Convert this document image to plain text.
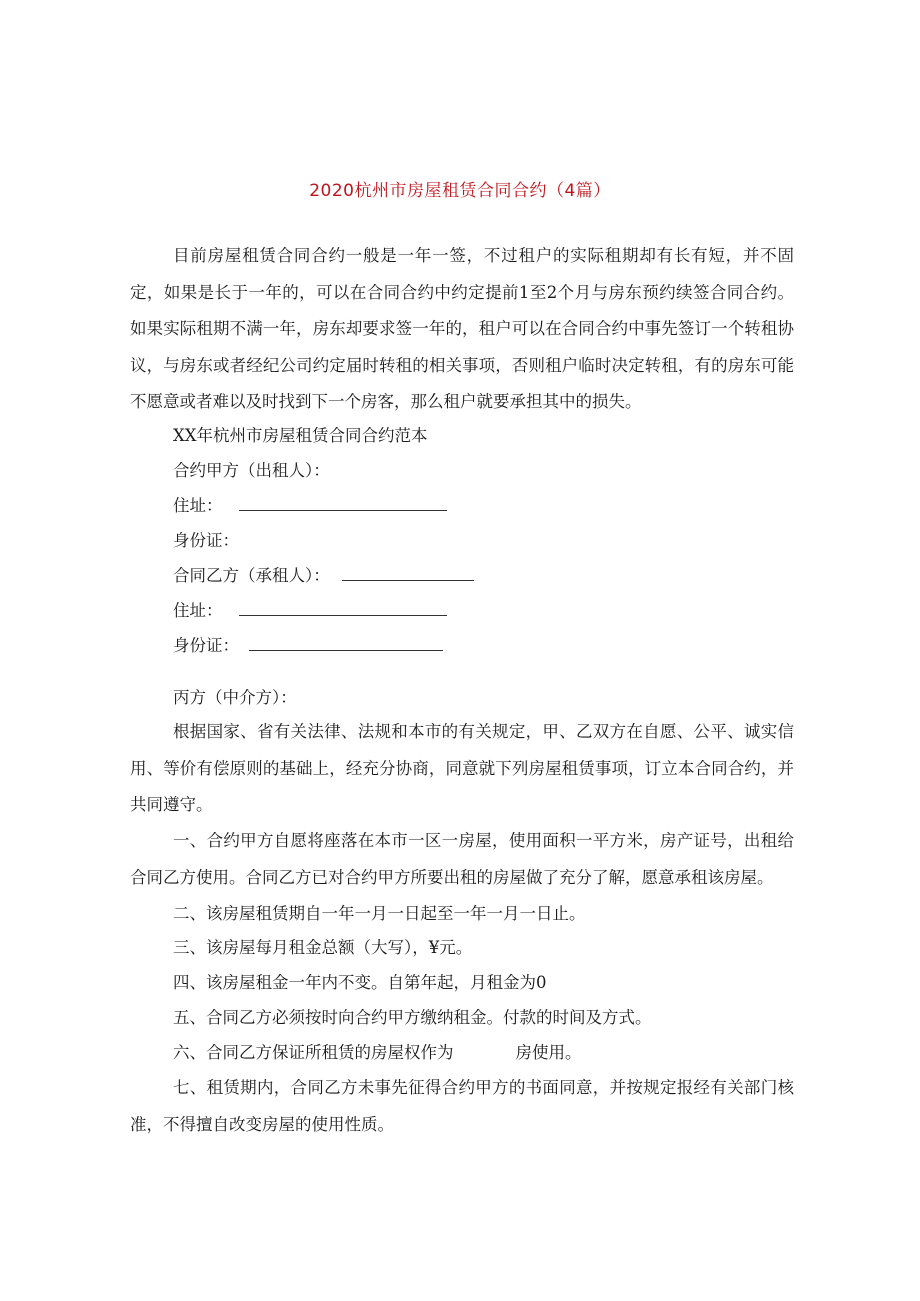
2020杭州市房屋租赁合同合约（4篇）

目前房屋租赁合同合约一般是一年一签，不过租户的实际租期却有长有短，并不固定，如果是长于一年的，可以在合同合约中约定提前1至2个月与房东预约续签合同合约。如果实际租期不满一年，房东却要求签一年的，租户可以在合同合约中事先签订一个转租协议，与房东或者经纪公司约定届时转租的相关事项，否则租户临时决定转租，有的房东可能不愿意或者难以及时找到下一个房客，那么租户就要承担其中的损失。

XX年杭州市房屋租赁合同合约范本

合约甲方（出租人）：

住址：

身份证：

合同乙方（承租人）：

住址：

身份证：

丙方（中介方）：

根据国家、省有关法律、法规和本市的有关规定，甲、乙双方在自愿、公平、诚实信用、等价有偿原则的基础上，经充分协商，同意就下列房屋租赁事项，订立本合同合约，并共同遵守。

一、合约甲方自愿将座落在本市一区一房屋，使用面积一平方米，房产证号，出租给合同乙方使用。合同乙方已对合约甲方所要出租的房屋做了充分了解，愿意承租该房屋。

二、该房屋租赁期自一年一月一日起至一年一月一日止。

三、该房屋每月租金总额（大写），¥元。

四、该房屋租金一年内不变。自第年起，月租金为0

五、合同乙方必须按时向合约甲方缴纳租金。付款的时间及方式。

六、合同乙方保证所租赁的房屋权作为	房使用。

七、租赁期内，合同乙方未事先征得合约甲方的书面同意，并按规定报经有关部门核准，不得擅自改变房屋的使用性质。
